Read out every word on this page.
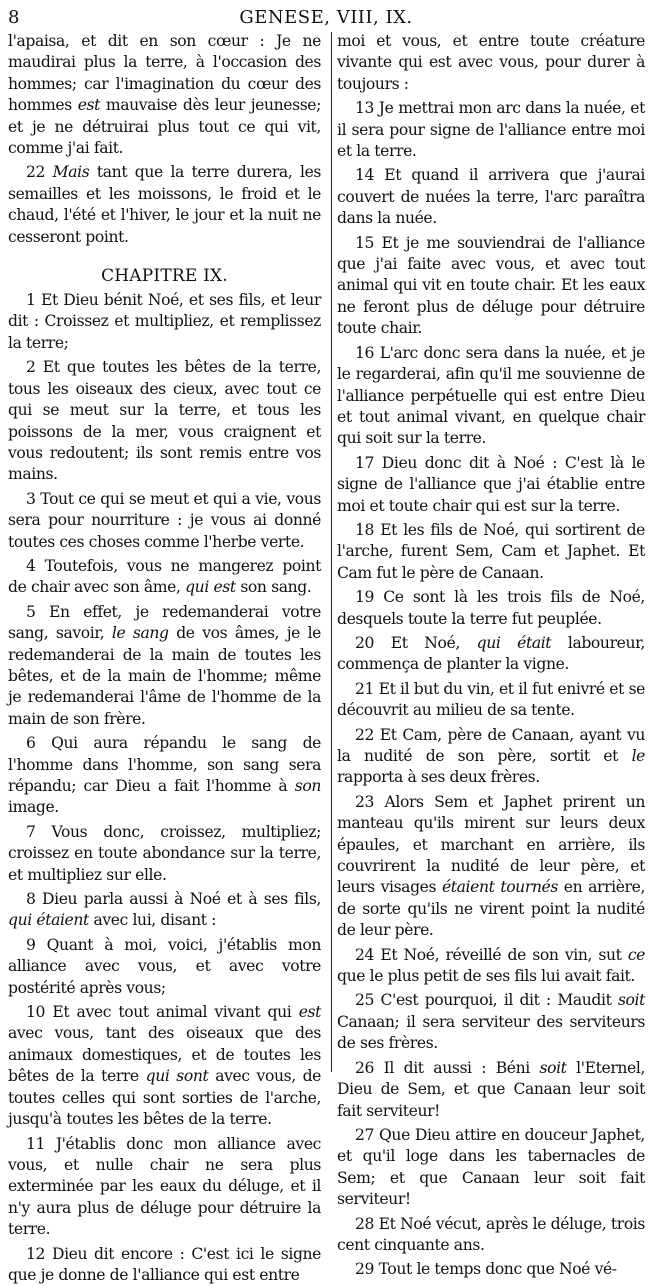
8	GENESE, VIII, IX.

l'apaisa, et dit en son cœur : Je ne maudirai plus la terre, à l'occasion des hommes; car l'imagination du cœur des hommes est mauvaise dès leur jeunesse; et je ne détruirai plus tout ce qui vit, comme j'ai fait.

22 Mais tant que la terre durera, les semailles et les moissons, le froid et le chaud, l'été et l'hiver, le jour et la nuit ne cesseront point.

CHAPITRE IX.

1 Et Dieu bénit Noé, et ses fils, et leur dit : Croissez et multipliez, et remplissez la terre;

2 Et que toutes les bêtes de la terre, tous les oiseaux des cieux, avec tout ce qui se meut sur la terre, et tous les poissons de la mer, vous craignent et vous redoutent; ils sont remis entre vos mains.

3 Tout ce qui se meut et qui a vie, vous sera pour nourriture : je vous ai donné toutes ces choses comme l'herbe verte.

4 Toutefois, vous ne mangerez point de chair avec son âme, qui est son sang.

5 En effet, je redemanderai votre sang, savoir, le sang de vos âmes, je le redemanderai de la main de toutes les bêtes, et de la main de l'homme; même je redemanderai l'âme de l'homme de la main de son frère.

6 Qui aura répandu le sang de l'homme dans l'homme, son sang sera répandu; car Dieu a fait l'homme à son image.

7 Vous donc, croissez, multipliez; croissez en toute abondance sur la terre, et multipliez sur elle.

8 Dieu parla aussi à Noé et à ses fils, qui étaient avec lui, disant :

9 Quant à moi, voici, j'établis mon alliance avec vous, et avec votre postérité après vous;

10 Et avec tout animal vivant qui est avec vous, tant des oiseaux que des animaux domestiques, et de toutes les bêtes de la terre qui sont avec vous, de toutes celles qui sont sorties de l'arche, jusqu'à toutes les bêtes de la terre.

11 J'établis donc mon alliance avec vous, et nulle chair ne sera plus exterminée par les eaux du déluge, et il n'y aura plus de déluge pour détruire la terre.

12 Dieu dit encore : C'est ici le signe que je donne de l'alliance qui est entre

moi et vous, et entre toute créature vivante qui est avec vous, pour durer à toujours :

13 Je mettrai mon arc dans la nuée, et il sera pour signe de l'alliance entre moi et la terre.

14 Et quand il arrivera que j'aurai couvert de nuées la terre, l'arc paraîtra dans la nuée.

15 Et je me souviendrai de l'alliance que j'ai faite avec vous, et avec tout animal qui vit en toute chair. Et les eaux ne feront plus de déluge pour détruire toute chair.

16 L'arc donc sera dans la nuée, et je le regarderai, afin qu'il me souvienne de l'alliance perpétuelle qui est entre Dieu et tout animal vivant, en quelque chair qui soit sur la terre.

17 Dieu donc dit à Noé : C'est là le signe de l'alliance que j'ai établie entre moi et toute chair qui est sur la terre.

18 Et les fils de Noé, qui sortirent de l'arche, furent Sem, Cam et Japhet. Et Cam fut le père de Canaan.

19 Ce sont là les trois fils de Noé, desquels toute la terre fut peuplée.

20 Et Noé, qui était laboureur, commença de planter la vigne.

21 Et il but du vin, et il fut enivré et se découvrit au milieu de sa tente.

22 Et Cam, père de Canaan, ayant vu la nudité de son père, sortit et le rapporta à ses deux frères.

23 Alors Sem et Japhet prirent un manteau qu'ils mirent sur leurs deux épaules, et marchant en arrière, ils couvrirent la nudité de leur père, et leurs visages étaient tournés en arrière, de sorte qu'ils ne virent point la nudité de leur père.

24 Et Noé, réveillé de son vin, sut ce que le plus petit de ses fils lui avait fait.

25 C'est pourquoi, il dit : Maudit soit Canaan; il sera serviteur des serviteurs de ses frères.

26 Il dit aussi : Béni soit l'Eternel, Dieu de Sem, et que Canaan leur soit fait serviteur!

27 Que Dieu attire en douceur Japhet, et qu'il loge dans les tabernacles de Sem; et que Canaan leur soit fait serviteur!

28 Et Noé vécut, après le déluge, trois cent cinquante ans.

29 Tout le temps donc que Noé vé-
